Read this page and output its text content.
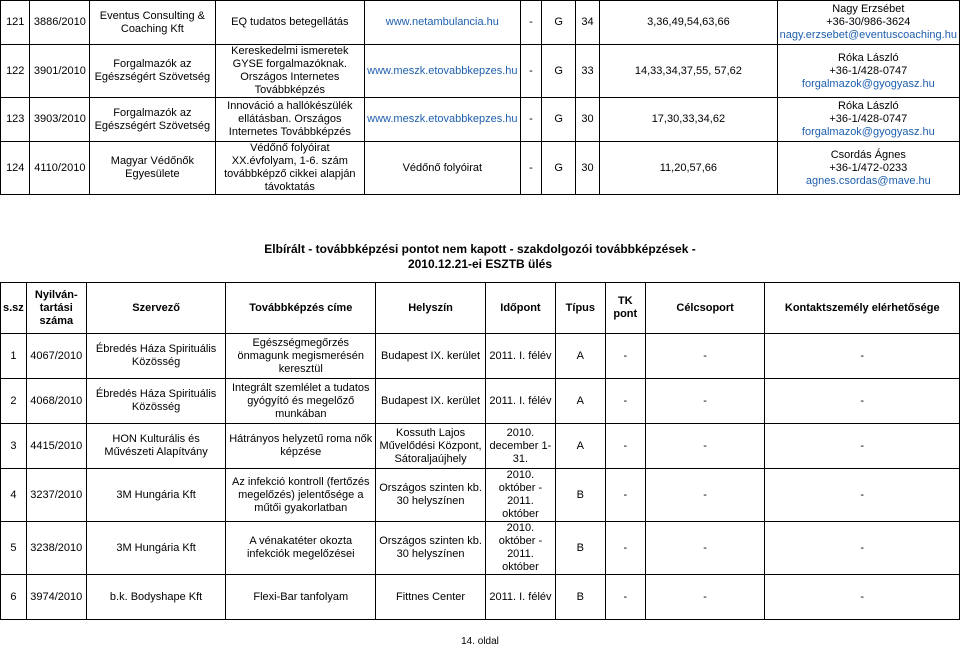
121	3886/2010	Eventus Consulting & Coaching Kft	EQ tudatos betegellátás	www.netambulancia.hu	-	G	34	3,36,49,54,63,66	Nagy Erzsébet
+36-30/986-3624
nagy.erzsebet@eventuscoaching.hu

122	3901/2010	Forgalmazók az Egészségért Szövetség	Kereskedelmi ismeretek GYSE forgalmazóknak. Országos Internetes Továbbképzés	www.meszk.etovabbkepzes.hu	-	G	33	14,33,34,37,55, 57,62	Róka László
+36-1/428-0747
forgalmazok@gyogyasz.hu

123	3903/2010	Forgalmazók az Egészségért Szövetség	Innováció a hallókészülék ellátásban. Országos Internetes Továbbképzés	www.meszk.etovabbkepzes.hu	-	G	30	17,30,33,34,62	Róka László
+36-1/428-0747
forgalmazok@gyogyasz.hu

124	4110/2010	Magyar Védőnők Egyesülete	Védőnő folyóirat XX.évfolyam, 1-6. szám továbbképző cikkei alapján távoktatás	Védőnő folyóirat	-	G	30	11,20,57,66	Csordás Ágnes
+36-1/472-0233
agnes.csordas@mave.hu
Elbírált - továbbképzési pontot nem kapott - szakdolgozói továbbképzések -
2010.12.21-ei ESZTB ülés
s.sz	Nyilván-tartási száma	Szervező	Továbbképzés címe	Helyszín	Időpont	Típus	TK pont	Célcsoport	Kontaktszemély elérhetősége
1	4067/2010	Ébredés Háza Spirituális Közösség	Egészségmegőrzés önmagunk megismerésén keresztül	Budapest IX. kerület	2011. I. félév	A	-	-	-
2	4068/2010	Ébredés Háza Spirituális Közösség	Integrált szemlélet a tudatos gyógyító és megelőző munkában	Budapest IX. kerület	2011. I. félév	A	-	-	-
3	4415/2010	HON Kulturális és Művészeti Alapítvány	Hátrányos helyzetű roma nők képzése	Kossuth Lajos Művelődési Központ, Sátoraljaújhely	2010. december 1-31.	A	-	-	-
4	3237/2010	3M Hungária Kft	Az infekció kontroll (fertőzés megelőzés) jelentősége a műtői gyakorlatban	Országos szinten kb. 30 helyszínen	2010. október - 2011. október	B	-	-	-
5	3238/2010	3M Hungária Kft	A vénakatéter okozta infekciók megelőzései	Országos szinten kb. 30 helyszínen	2010. október - 2011. október	B	-	-	-
6	3974/2010	b.k. Bodyshape Kft	Flexi-Bar tanfolyam	Fittnes Center	2011. I. félév	B	-	-	-
14. oldal
